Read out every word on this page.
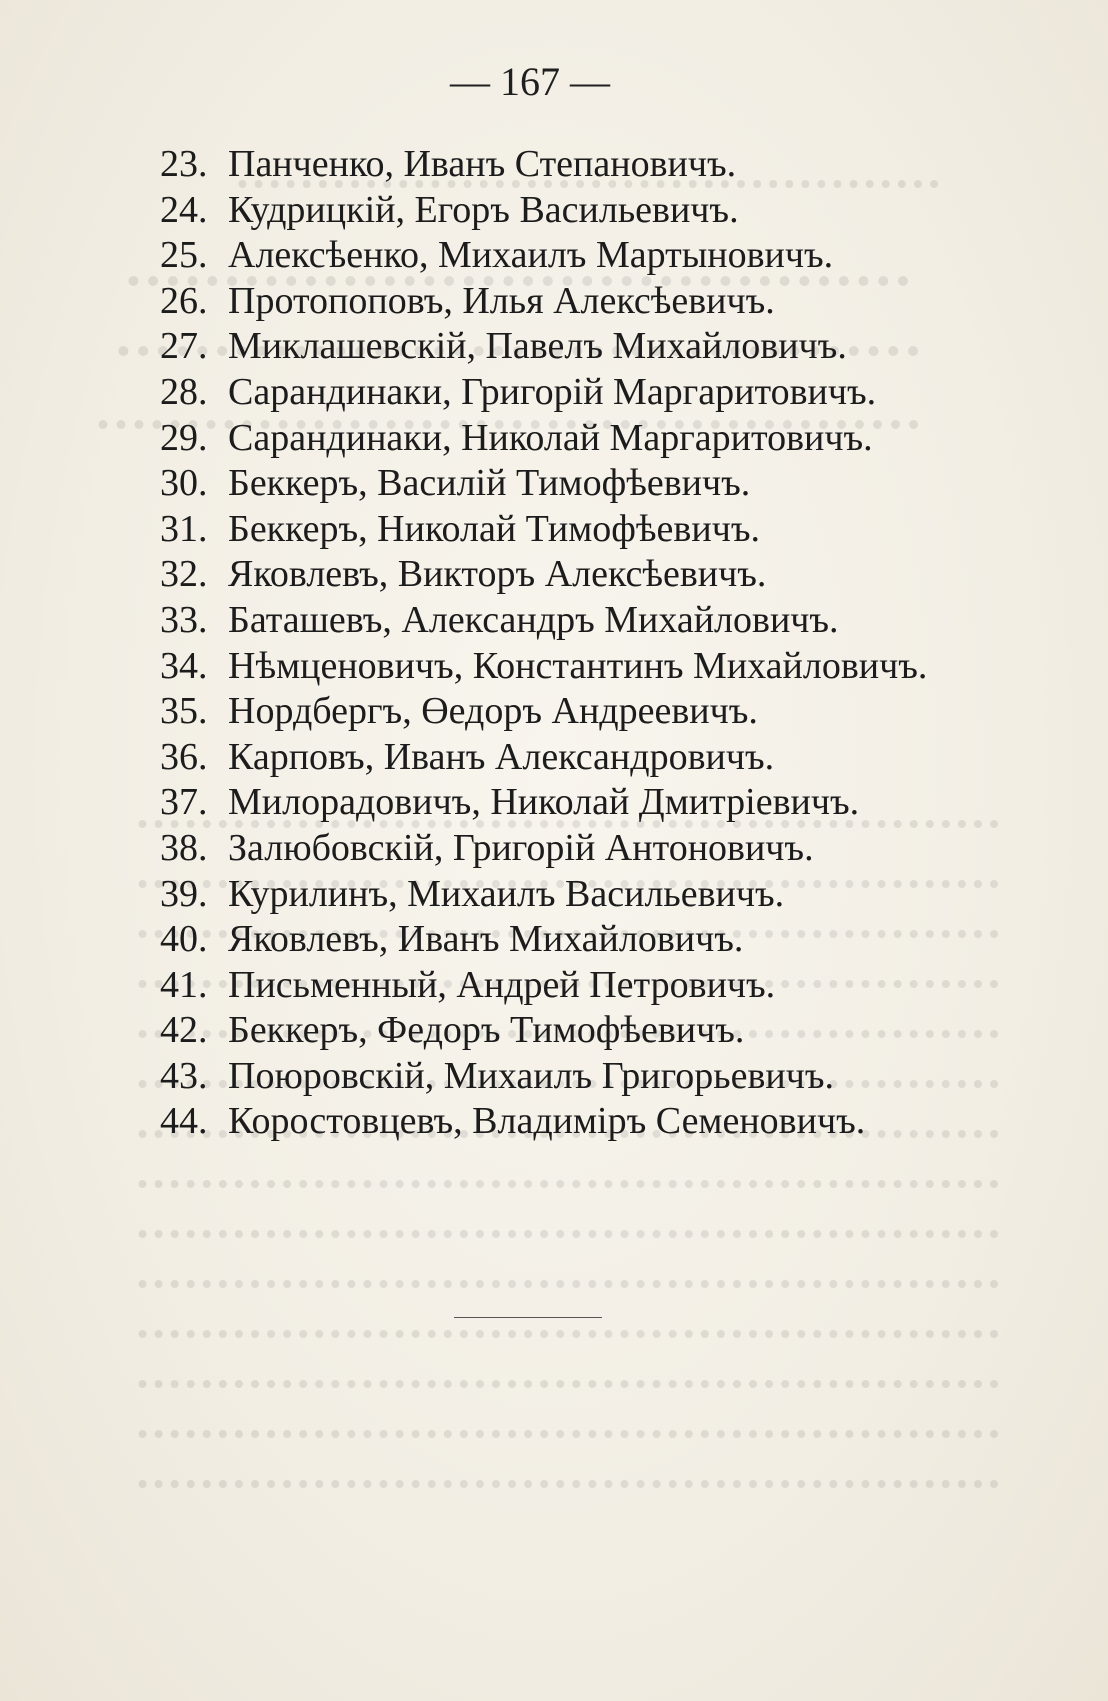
— 167 —
23. Панченко, Иванъ Степановичъ.
24. Кудрицкій, Егоръ Васильевичъ.
25. Алексѣенко, Михаилъ Мартыновичъ.
26. Протопоповъ, Илья Алексѣевичъ.
27. Миклашевскій, Павелъ Михайловичъ.
28. Сарандинаки, Григорій Маргаритовичъ.
29. Сарандинаки, Николай Маргаритовичъ.
30. Беккеръ, Василій Тимофѣевичъ.
31. Беккеръ, Николай Тимофѣевичъ.
32. Яковлевъ, Викторъ Алексѣевичъ.
33. Баташевъ, Александръ Михайловичъ.
34. Нѣмценовичъ, Константинъ Михайловичъ.
35. Нордбергъ, Өедоръ Андреевичъ.
36. Карповъ, Иванъ Александровичъ.
37. Милорадовичъ, Николай Дмитріевичъ.
38. Залюбовскій, Григорій Антоновичъ.
39. Курилинъ, Михаилъ Васильевичъ.
40. Яковлевъ, Иванъ Михайловичъ.
41. Письменный, Андрей Петровичъ.
42. Беккеръ, Федоръ Тимофѣевичъ.
43. Поюровскій, Михаилъ Григорьевичъ.
44. Коростовцевъ, Владиміръ Семеновичъ.
